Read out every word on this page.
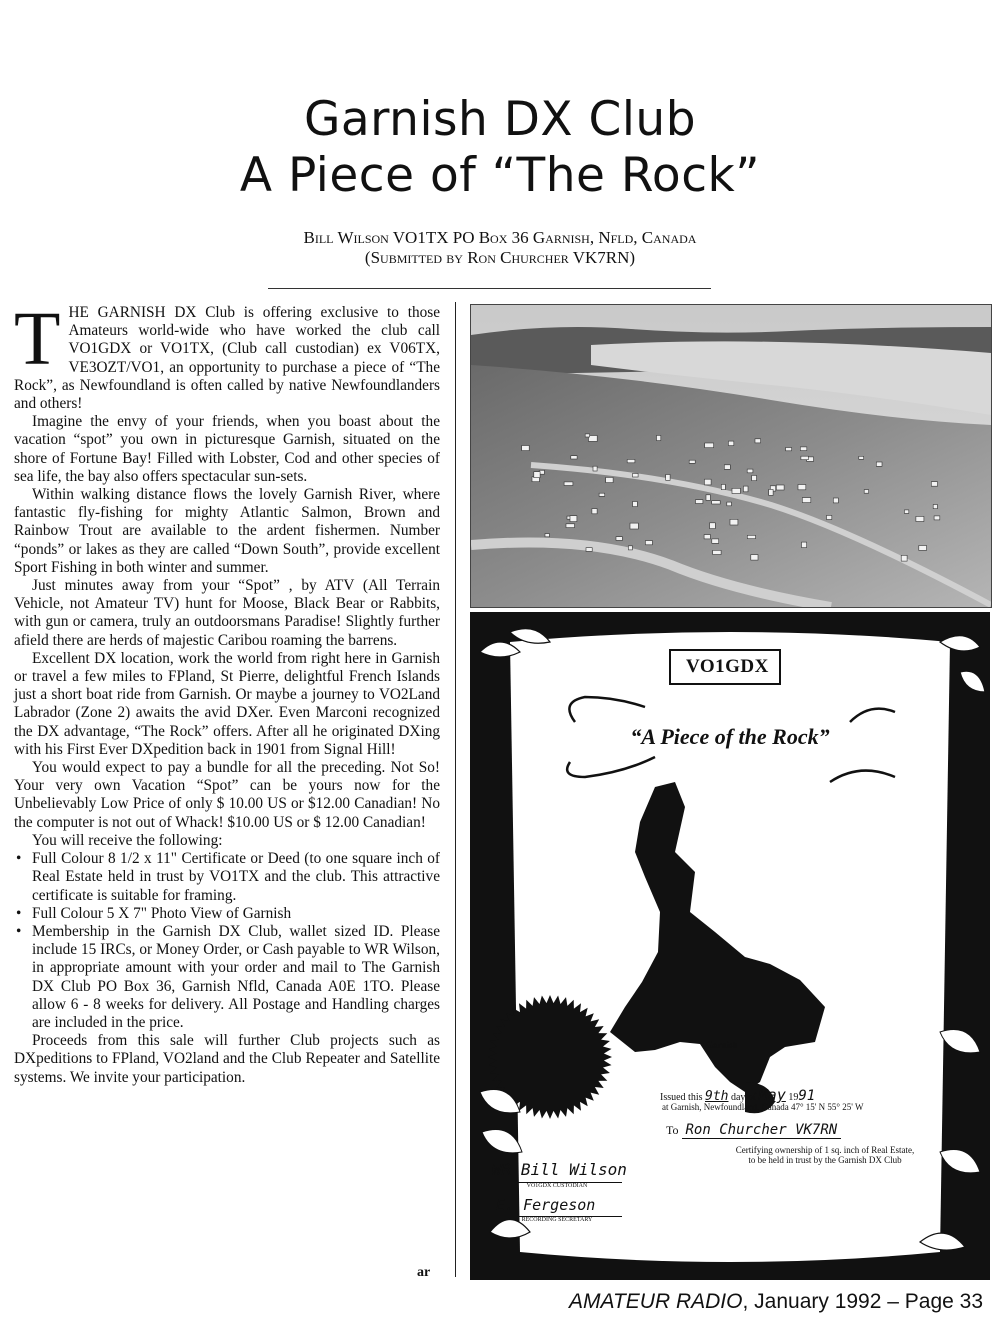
Garnish DX Club
A Piece of “The Rock”
Bill Wilson VO1TX PO Box 36 Garnish, Nfld, Canada
(Submitted by Ron Churcher VK7RN)

THE GARNISH DX Club is offering exclusive to those Amateurs world-wide who have worked the club call VO1GDX or VO1TX, (Club call custodian) ex V06TX, VE3OZT/VO1, an opportunity to purchase a piece of “The Rock”, as Newfoundland is often called by native Newfoundlanders and others!

Imagine the envy of your friends, when you boast about the vacation “spot” you own in picturesque Garnish, situated on the shore of Fortune Bay! Filled with Lobster, Cod and other species of sea life, the bay also offers spectacular sun-sets.

Within walking distance flows the lovely Garnish River, where fantastic fly-fishing for mighty Atlantic Salmon, Brown and Rainbow Trout are available to the ardent fishermen. Number “ponds” or lakes as they are called “Down South”, provide excellent Sport Fishing in both winter and summer.

Just minutes away from your “Spot” , by ATV (All Terrain Vehicle, not Amateur TV) hunt for Moose, Black Bear or Rabbits, with gun or camera, truly an outdoorsmans Paradise! Slightly further afield there are herds of majestic Caribou roaming the barrens.

Excellent DX location, work the world from right here in Garnish or travel a few miles to FPland, St Pierre, delightful French Islands just a short boat ride from Garnish. Or maybe a journey to VO2Land Labrador (Zone 2) awaits the avid DXer. Even Marconi recognized the DX advantage, “The Rock” offers. After all he originated DXing with his First Ever DXpedition back in 1901 from Signal Hill!

You would expect to pay a bundle for all the preceding. Not So! Your very own Vacation “Spot” can be yours now for the Unbelievably Low Price of only $ 10.00 US or $12.00 Canadian! No the computer is not out of Whack! $10.00 US or $ 12.00 Canadian!

You will receive the following:

• Full Colour 8 1/2 x 11" Certificate or Deed (to one square inch of Real Estate held in trust by VO1TX and the club. This attractive certificate is suitable for framing.
• Full Colour 5 X 7" Photo View of Garnish
• Membership in the Garnish DX Club, wallet sized ID. Please include 15 IRCs, or Money Order, or Cash payable to WR Wilson, in appropriate amount with your order and mail to The Garnish DX Club PO Box 36, Garnish Nfld, Canada A0E 1TO. Please allow 6 - 8 weeks for delivery. All Postage and Handling charges are included in the price.

Proceeds from this sale will further Club projects such as DXpeditions to FPland, VO2land and the Club Repeater and Satellite systems. We invite your participation.

ar
VO1GDX
“A Piece of the Rock”
Garnish
Issued this 9th day of May 1991
at Garnish, Newfoundland, Canada 47° 15' N 55° 25' W
To Ron Churcher VK7RN
Certifying ownership of 1 sq. inch of Real Estate,
to be held in trust by the Garnish DX Club
WR Bill Wilson
VO1GDX CUSTODIAN
E. Fergeson
RECORDING SECRETARY
AMATEUR RADIO, January 1992 – Page 33
